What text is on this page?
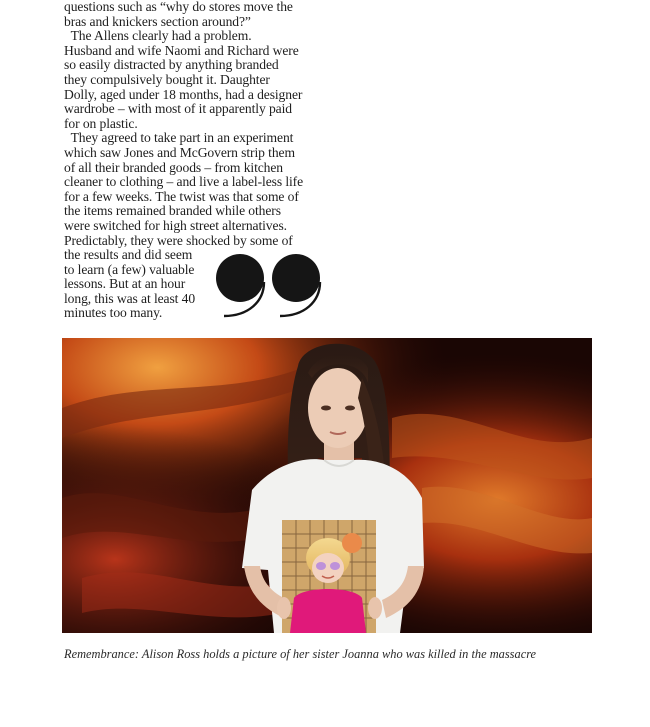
questions such as “why do stores move the
bras and knickers section around?”
The Allens clearly had a problem.
Husband and wife Naomi and Richard were
so easily distracted by anything branded
they compulsively bought it. Daughter
Dolly, aged under 18 months, had a designer
wardrobe – with most of it apparently paid
for on plastic.
They agreed to take part in an experiment
which saw Jones and McGovern strip them
of all their branded goods – from kitchen
cleaner to clothing – and live a label-less life
for a few weeks. The twist was that some of
the items remained branded while others
were switched for high street alternatives.
Predictably, they were shocked by some of
the results and did seem
to learn (a few) valuable
lessons. But at an hour
long, this was at least 40
minutes too many.
Remembrance: Alison Ross holds a picture of her sister Joanna who was killed in the massacre
